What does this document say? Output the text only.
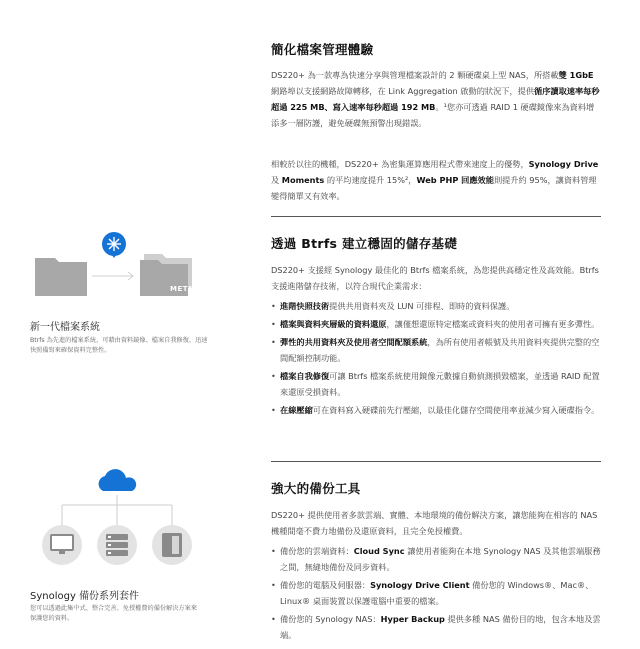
簡化檔案管理體驗

DS220+ 為一款專為快速分享與管理檔案設計的 2 顆硬碟桌上型 NAS，所搭載雙 1GbE 網路埠以支援網路故障轉移，在 Link Aggregation 啟動的狀況下，提供循序讀取速率每秒超過 225 MB、寫入速率每秒超過 192 MB。¹您亦可透過 RAID 1 硬碟鏡像來為資料增添多一層防護，避免硬碟無預警出現錯誤。

相較於以往的機種，DS220+ 為密集運算應用程式帶來速度上的優勢，Synology Drive 及 Moments 的平均速度提升 15%²，Web PHP 回應效能則提升約 95%，讓資料管理變得簡單又有效率。

透過 Btrfs 建立穩固的儲存基礎

DS220+ 支援經 Synology 最佳化的 Btrfs 檔案系統，為您提供高穩定性及高效能。Btrfs 支援進階儲存技術，以符合現代企業需求：

• 進階快照技術提供共用資料夾及 LUN 可排程、即時的資料保護。
• 檔案與資料夾層級的資料還原，讓僅想還原特定檔案或資料夾的使用者可擁有更多彈性。
• 彈性的共用資料夾及使用者空間配額系統，為所有使用者帳號及共用資料夾提供完整的空間配額控制功能。
• 檔案自我修復可讓 Btrfs 檔案系統使用鏡像元數據自動偵測損毀檔案，並透過 RAID 配置來還原受損資料。
• 在線壓縮可在資料寫入硬碟前先行壓縮，以最佳化儲存空間使用率並減少寫入硬碟指令。
強大的備份工具

DS220+ 提供使用者多款雲端、實體、本地環境的備份解決方案，讓您能夠在相容的 NAS 機種間毫不費力地備份及還原資料，且完全免授權費。

• 備份您的雲端資料：Cloud Sync 讓使用者能夠在本地 Synology NAS 及其他雲端服務之間，無縫地備份及同步資料。
• 備份您的電腦及伺服器：Synology Drive Client 備份您的 Windows®、Mac®、Linux® 桌面裝置以保護電腦中重要的檔案。
• 備份您的 Synology NAS：Hyper Backup 提供多種 NAS 備份目的地，包含本地及雲端。
META
新一代檔案系統
Btrfs 為先進的檔案系統，可藉由資料鏡像、檔案自我修復、迅速快照備寫來確保資料完整性。
Synology 備份系列套件
您可以透過此集中式、整合完善、免授權費的備份解決方案來保護您的資料。
